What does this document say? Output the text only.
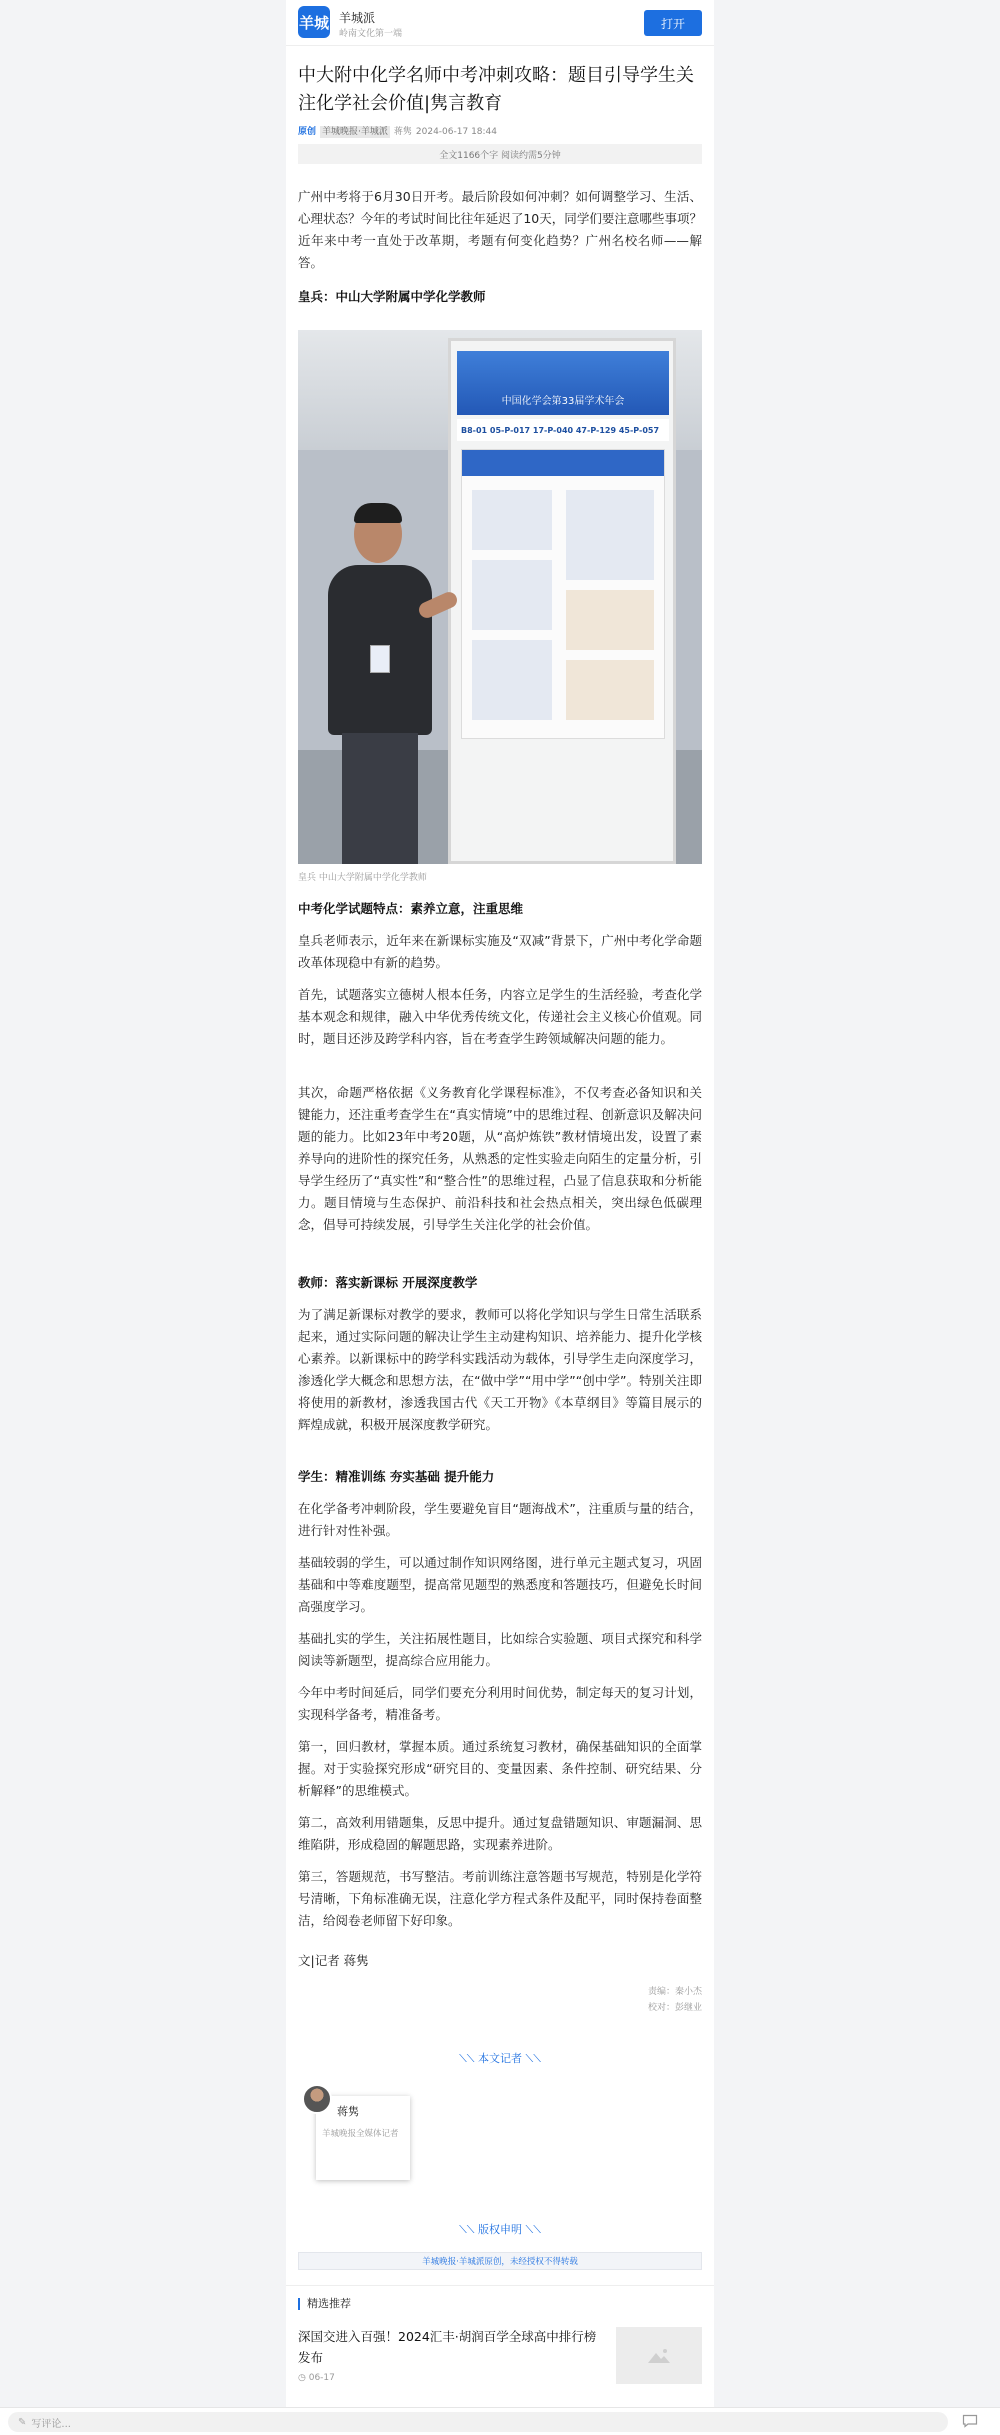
羊城 羊城派
岭南文化第一端
打开
中大附中化学名师中考冲刺攻略：题目引导学生关注化学社会价值|隽言教育
原创 羊城晚报·羊城派 蒋隽 2024-06-17 18:44
全文1166个字 阅读约需5分钟

广州中考将于6月30日开考。最后阶段如何冲刺？如何调整学习、生活、心理状态？今年的考试时间比往年延迟了10天，同学们要注意哪些事项？近年来中考一直处于改革期，考题有何变化趋势？广州名校名师——解答。

皇兵：中山大学附属中学化学教师

中国化学会第33届学术年会
B8-01 05-P-017 17-P-040 47-P-129 45-P-057
皇兵 中山大学附属中学化学教师

中考化学试题特点：素养立意，注重思维

皇兵老师表示，近年来在新课标实施及“双减”背景下，广州中考化学命题改革体现稳中有新的趋势。

首先，试题落实立德树人根本任务，内容立足学生的生活经验，考查化学基本观念和规律，融入中华优秀传统文化，传递社会主义核心价值观。同时，题目还涉及跨学科内容，旨在考查学生跨领域解决问题的能力。

其次，命题严格依据《义务教育化学课程标准》，不仅考查必备知识和关键能力，还注重考查学生在“真实情境”中的思维过程、创新意识及解决问题的能力。比如23年中考20题，从“高炉炼铁”教材情境出发，设置了素养导向的进阶性的探究任务，从熟悉的定性实验走向陌生的定量分析，引导学生经历了“真实性”和“整合性”的思维过程，凸显了信息获取和分析能力。题目情境与生态保护、前沿科技和社会热点相关，突出绿色低碳理念，倡导可持续发展，引导学生关注化学的社会价值。

教师：落实新课标 开展深度教学

为了满足新课标对教学的要求，教师可以将化学知识与学生日常生活联系起来，通过实际问题的解决让学生主动建构知识、培养能力、提升化学核心素养。以新课标中的跨学科实践活动为载体，引导学生走向深度学习，渗透化学大概念和思想方法，在“做中学”“用中学”“创中学”。特别关注即将使用的新教材，渗透我国古代《天工开物》《本草纲目》等篇目展示的辉煌成就，积极开展深度教学研究。

学生：精准训练 夯实基础 提升能力

在化学备考冲刺阶段，学生要避免盲目“题海战术”，注重质与量的结合，进行针对性补强。

基础较弱的学生，可以通过制作知识网络图，进行单元主题式复习，巩固基础和中等难度题型，提高常见题型的熟悉度和答题技巧，但避免长时间高强度学习。

基础扎实的学生，关注拓展性题目，比如综合实验题、项目式探究和科学阅读等新题型，提高综合应用能力。

今年中考时间延后，同学们要充分利用时间优势，制定每天的复习计划，实现科学备考，精准备考。

第一，回归教材，掌握本质。通过系统复习教材，确保基础知识的全面掌握。对于实验探究形成“研究目的、变量因素、条件控制、研究结果、分析解释”的思维模式。

第二，高效利用错题集，反思中提升。通过复盘错题知识、审题漏洞、思维陷阱，形成稳固的解题思路，实现素养进阶。

第三，答题规范，书写整洁。考前训练注意答题书写规范，特别是化学符号清晰，下角标准确无误，注意化学方程式条件及配平，同时保持卷面整洁，给阅卷老师留下好印象。

文|记者 蒋隽

责编：秦小杰
校对：彭继业
⟍⟍ 本文记者 ⟍⟍
蒋隽
羊城晚报全媒体记者
⟍⟍ 版权申明 ⟍⟍
羊城晚报·羊城派原创，未经授权不得转载
精选推荐
深国交进入百强！2024汇丰·胡润百学全球高中排行榜发布
◷ 06-17
✎ 写评论...
